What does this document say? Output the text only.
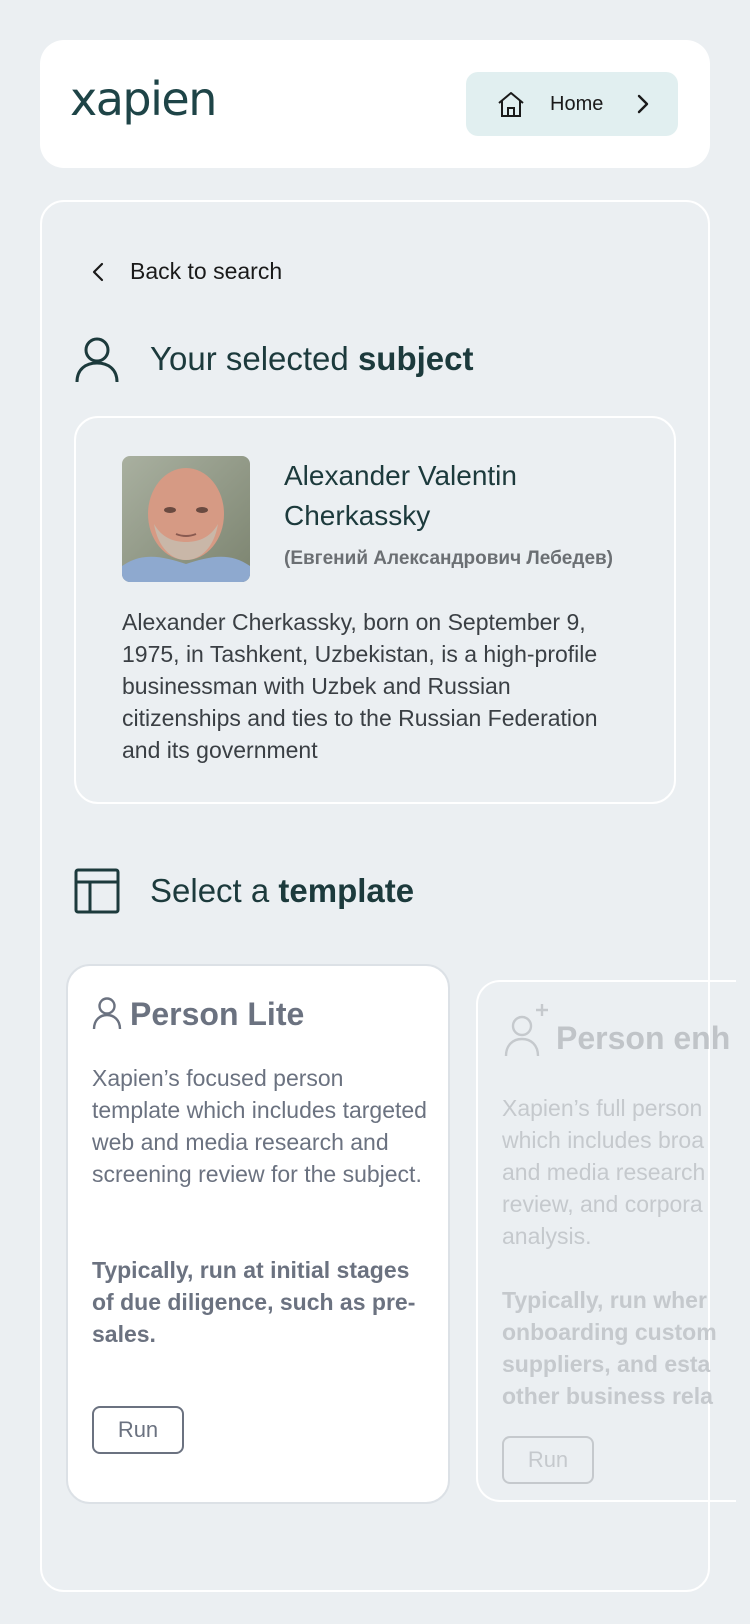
xapien	Home
Back to search
Your selected subject
Alexander Valentin Cherkassky
(Евгений Александрович Лебедев)
Alexander Cherkassky, born on September 9, 1975, in Tashkent, Uzbekistan, is a high-profile businessman with Uzbek and Russian citizenships and ties to the Russian Federation and its government
Select a template
Person Lite
Xapien’s focused person template which includes targeted web and media research and screening review for the subject.
Typically, run at initial stages of due diligence, such as pre-sales.
Run
Person enh
Xapien’s full person
which includes broa
and media research
review, and corpora
analysis.
Typically, run wher
onboarding custom
suppliers, and esta
other business rela
Run
